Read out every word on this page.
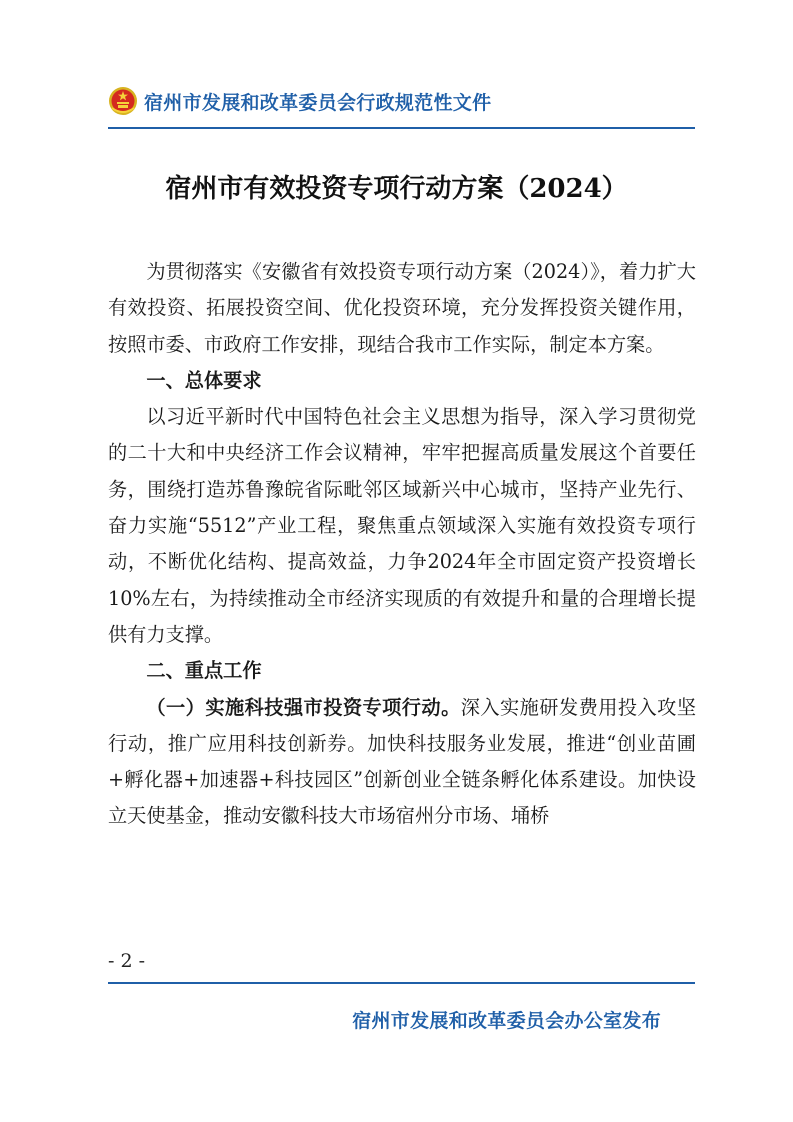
宿州市发展和改革委员会行政规范性文件
宿州市有效投资专项行动方案（2024）

为贯彻落实《安徽省有效投资专项行动方案（2024）》，着力扩大有效投资、拓展投资空间、优化投资环境，充分发挥投资关键作用，按照市委、市政府工作安排，现结合我市工作实际，制定本方案。

一、总体要求

以习近平新时代中国特色社会主义思想为指导，深入学习贯彻党的二十大和中央经济工作会议精神，牢牢把握高质量发展这个首要任务，围绕打造苏鲁豫皖省际毗邻区域新兴中心城市，坚持产业先行、奋力实施“5512”产业工程，聚焦重点领域深入实施有效投资专项行动，不断优化结构、提高效益，力争2024年全市固定资产投资增长10%左右，为持续推动全市经济实现质的有效提升和量的合理增长提供有力支撑。

二、重点工作

（一）实施科技强市投资专项行动。深入实施研发费用投入攻坚行动，推广应用科技创新券。加快科技服务业发展，推进“创业苗圃+孵化器+加速器+科技园区”创新创业全链条孵化体系建设。加快设立天使基金，推动安徽科技大市场宿州分市场、埇桥

- 2 -
宿州市发展和改革委员会办公室发布
